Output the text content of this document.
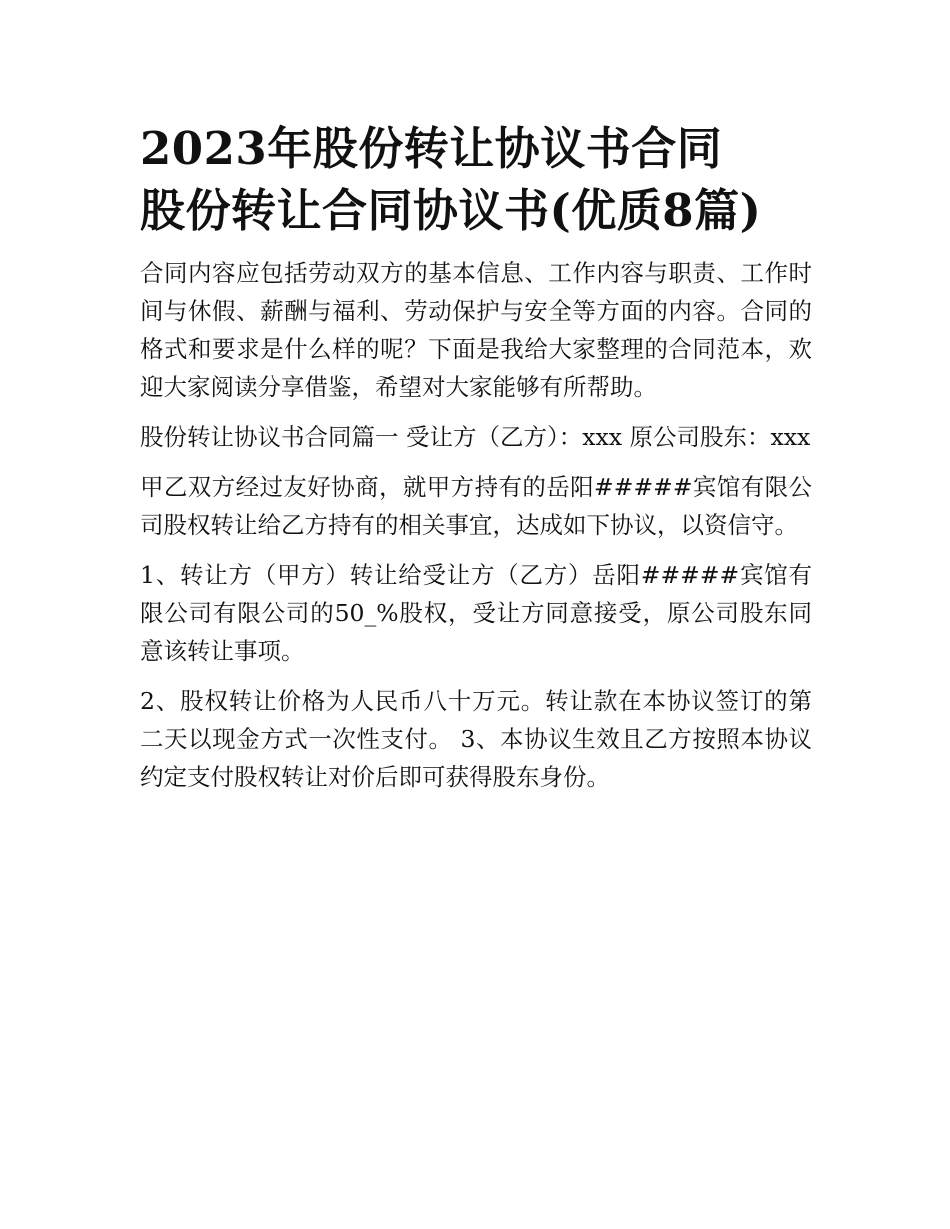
2023年股份转让协议书合同
股份转让合同协议书(优质8篇)

合同内容应包括劳动双方的基本信息、工作内容与职责、工作时间与休假、薪酬与福利、劳动保护与安全等方面的内容。合同的格式和要求是什么样的呢？下面是我给大家整理的合同范本，欢迎大家阅读分享借鉴，希望对大家能够有所帮助。

股份转让协议书合同篇一 受让方（乙方）：xxx 原公司股东：xxx

甲乙双方经过友好协商，就甲方持有的岳阳#####宾馆有限公司股权转让给乙方持有的相关事宜，达成如下协议，以资信守。

1、转让方（甲方）转让给受让方（乙方）岳阳#####宾馆有限公司有限公司的50_%股权，受让方同意接受，原公司股东同意该转让事项。

2、股权转让价格为人民币八十万元。转让款在本协议签订的第二天以现金方式一次性支付。 3、本协议生效且乙方按照本协议约定支付股权转让对价后即可获得股东身份。
